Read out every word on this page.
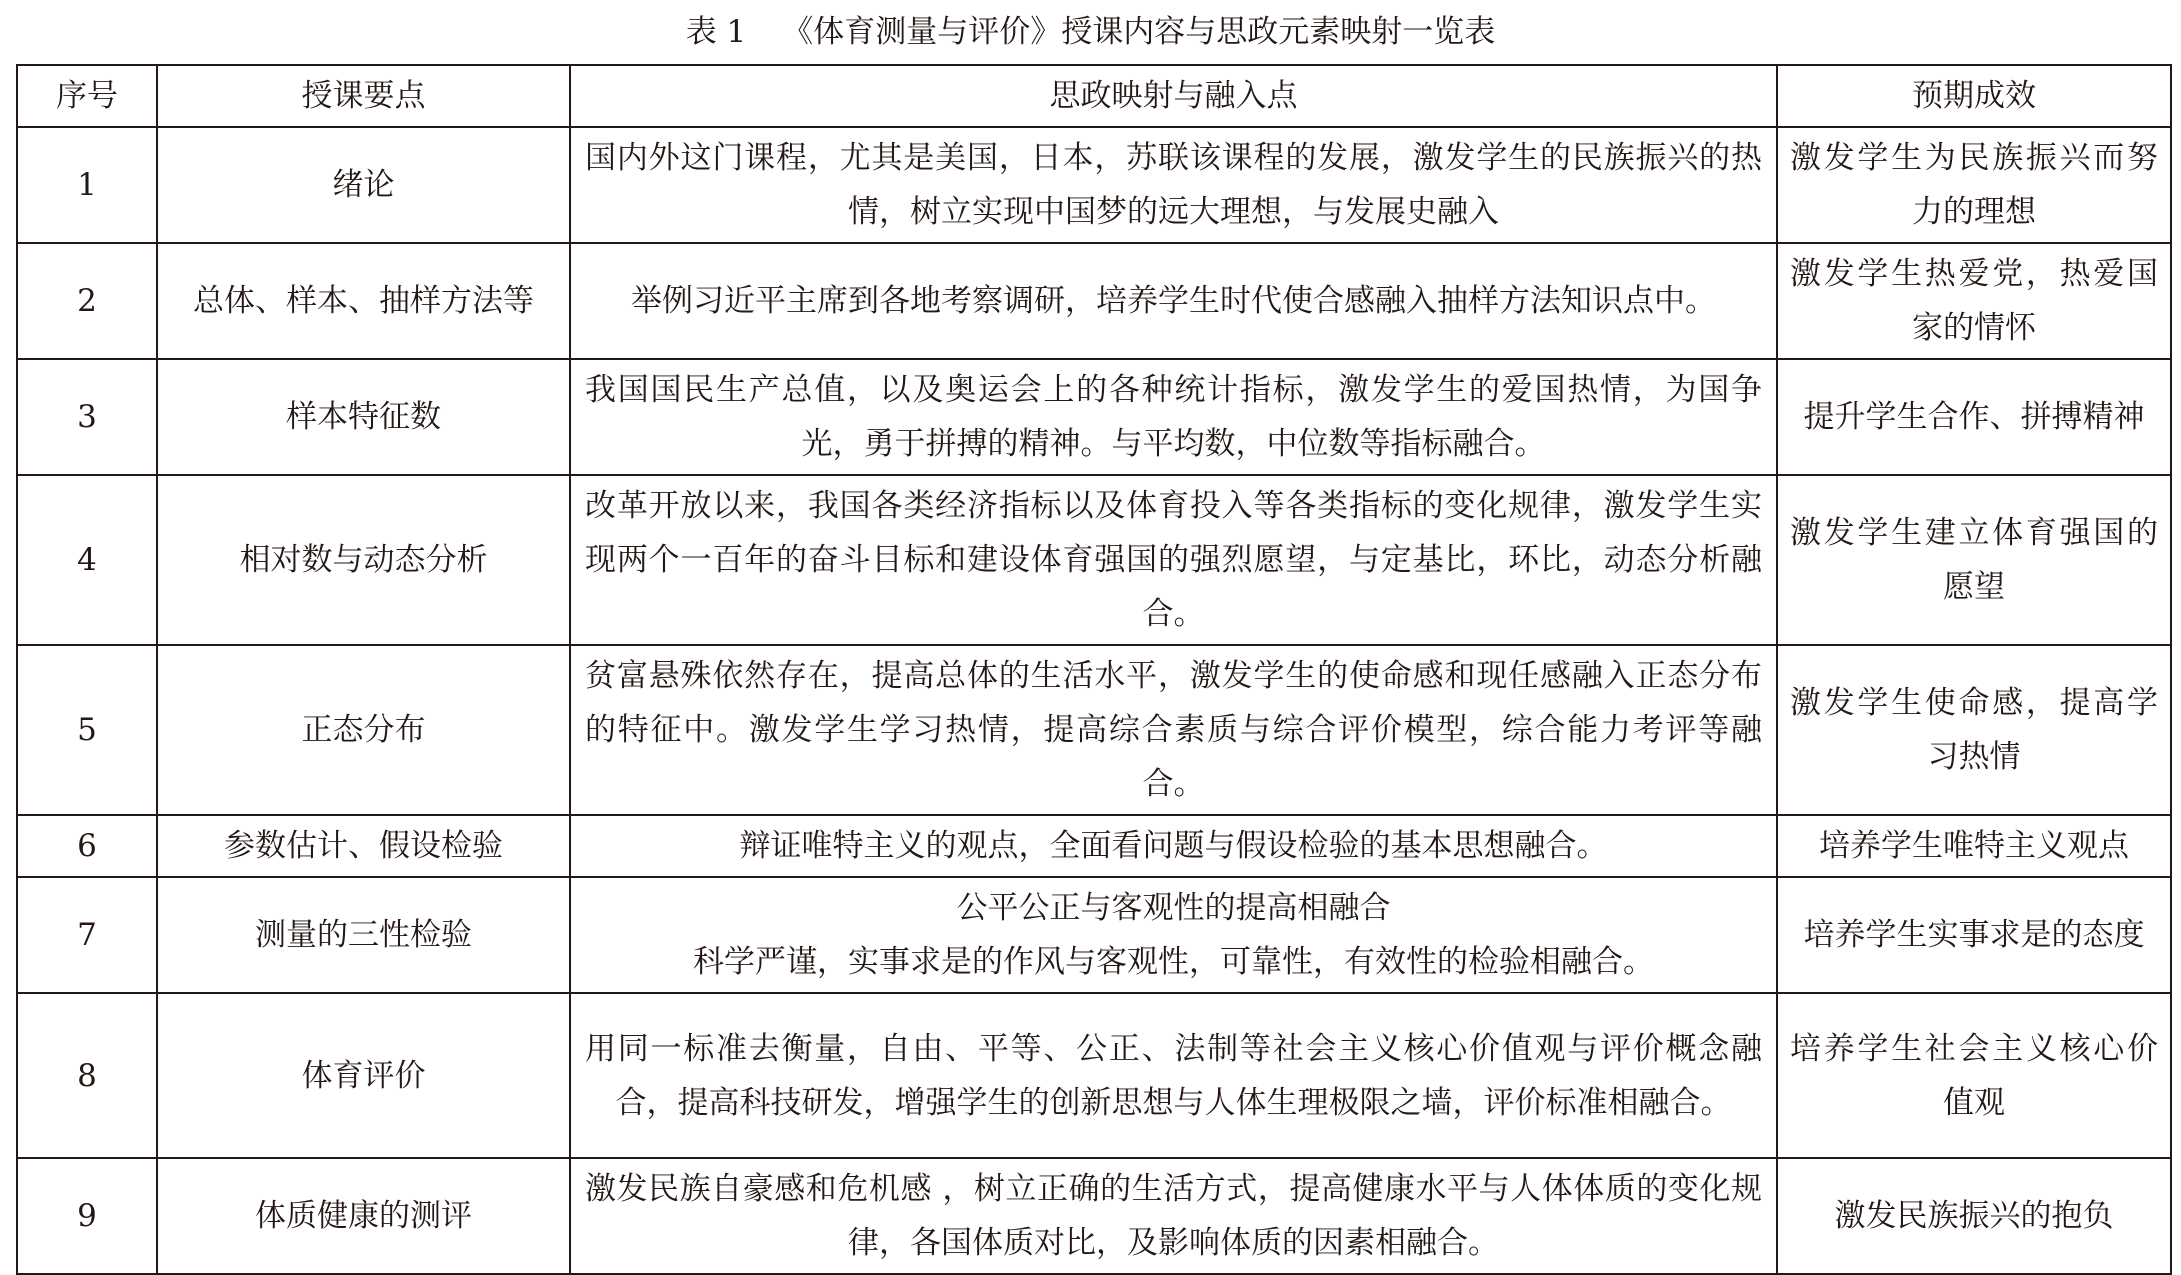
表 1 《体育测量与评价》授课内容与思政元素映射一览表
序号	授课要点	思政映射与融入点	预期成效
1	绪论	国内外这门课程，尤其是美国，日本，苏联该课程的发展，激发学生的民族振兴的热情，树立实现中国梦的远大理想，与发展史融入	激发学生为民族振兴而努力的理想
2	总体、样本、抽样方法等	举例习近平主席到各地考察调研，培养学生时代使合感融入抽样方法知识点中。	激发学生热爱党，热爱国家的情怀
3	样本特征数	我国国民生产总值，以及奥运会上的各种统计指标，激发学生的爱国热情，为国争光，勇于拼搏的精神。与平均数，中位数等指标融合。	提升学生合作、拼搏精神
4	相对数与动态分析	改革开放以来，我国各类经济指标以及体育投入等各类指标的变化规律，激发学生实现两个一百年的奋斗目标和建设体育强国的强烈愿望，与定基比，环比，动态分析融合。	激发学生建立体育强国的愿望
5	正态分布	贫富悬殊依然存在，提高总体的生活水平，激发学生的使命感和现任感融入正态分布的特征中。激发学生学习热情，提高综合素质与综合评价模型，综合能力考评等融合。	激发学生使命感，提高学习热情
6	参数估计、假设检验	辩证唯特主义的观点，全面看问题与假设检验的基本思想融合。	培养学生唯特主义观点
7	测量的三性检验	公平公正与客观性的提高相融合
科学严谨，实事求是的作风与客观性，可靠性，有效性的检验相融合。	培养学生实事求是的态度
8	体育评价	用同一标准去衡量，自由、平等、公正、法制等社会主义核心价值观与评价概念融合，提高科技研发，增强学生的创新思想与人体生理极限之墙，评价标准相融合。	培养学生社会主义核心价值观
9	体质健康的测评	激发民族自豪感和危机感 ，树立正确的生活方式，提高健康水平与人体体质的变化规律，各国体质对比，及影响体质的因素相融合。	激发民族振兴的抱负
